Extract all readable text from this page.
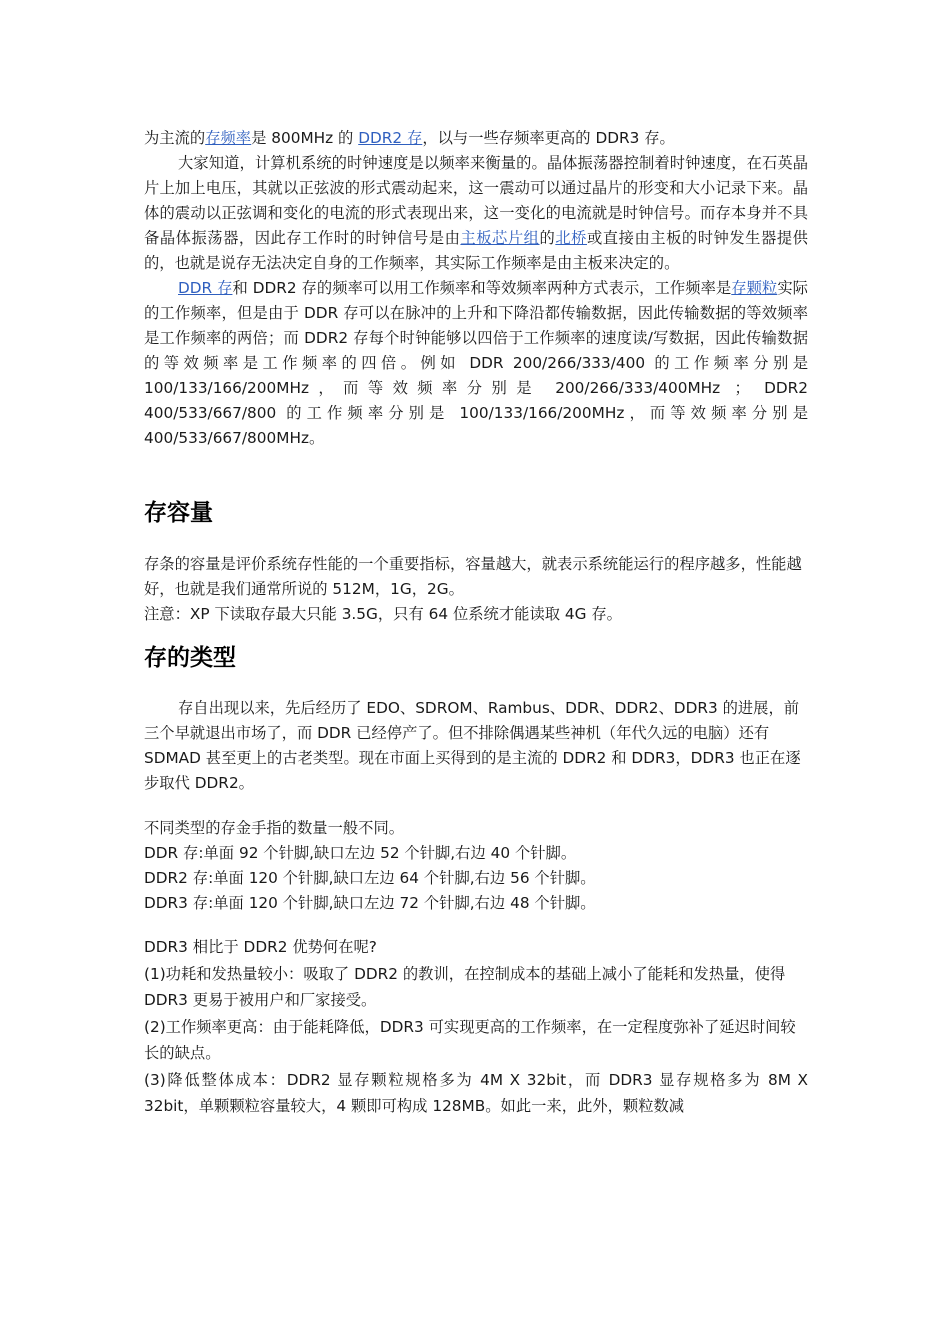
为主流的存频率是 800MHz 的 DDR2 存，以与一些存频率更高的 DDR3 存。

大家知道，计算机系统的时钟速度是以频率来衡量的。晶体振荡器控制着时钟速度，在石英晶片上加上电压，其就以正弦波的形式震动起来，这一震动可以通过晶片的形变和大小记录下来。晶体的震动以正弦调和变化的电流的形式表现出来，这一变化的电流就是时钟信号。而存本身并不具备晶体振荡器，因此存工作时的时钟信号是由主板芯片组的北桥或直接由主板的时钟发生器提供的，也就是说存无法决定自身的工作频率，其实际工作频率是由主板来决定的。

DDR 存和 DDR2 存的频率可以用工作频率和等效频率两种方式表示，工作频率是存颗粒实际的工作频率，但是由于 DDR 存可以在脉冲的上升和下降沿都传输数据，因此传输数据的等效频率是工作频率的两倍；而 DDR2 存每个时钟能够以四倍于工作频率的速度读/写数据，因此传输数据的等效频率是工作频率的四倍。例如 DDR 200/266/333/400 的工作频率分别是 100/133/166/200MHz，而等效频率分别是 200/266/333/400MHz ； DDR2 400/533/667/800 的工作频率分别是 100/133/166/200MHz，而等效频率分别是 400/533/667/800MHz。

存容量

存条的容量是评价系统存性能的一个重要指标，容量越大，就表示系统能运行的程序越多，性能越好，也就是我们通常所说的 512M，1G，2G。

注意：XP 下读取存最大只能 3.5G，只有 64 位系统才能读取 4G 存。

存的类型

存自出现以来，先后经历了 EDO、SDROM、Rambus、DDR、DDR2、DDR3 的进展，前三个早就退出市场了，而 DDR 已经停产了。但不排除偶遇某些神机（年代久远的电脑）还有 SDMAD 甚至更上的古老类型。现在市面上买得到的是主流的 DDR2 和 DDR3，DDR3 也正在逐步取代 DDR2。

不同类型的存金手指的数量一般不同。

DDR 存:单面 92 个针脚,缺口左边 52 个针脚,右边 40 个针脚。

DDR2 存:单面 120 个针脚,缺口左边 64 个针脚,右边 56 个针脚。

DDR3 存:单面 120 个针脚,缺口左边 72 个针脚,右边 48 个针脚。

DDR3 相比于 DDR2 优势何在呢?

(1)功耗和发热量较小：吸取了 DDR2 的教训，在控制成本的基础上减小了能耗和发热量，使得 DDR3 更易于被用户和厂家接受。

(2)工作频率更高：由于能耗降低，DDR3 可实现更高的工作频率，在一定程度弥补了延迟时间较长的缺点。

(3)降低整体成本：DDR2 显存颗粒规格多为 4M X 32bit，而 DDR3 显存规格多为 8M X 32bit，单颗颗粒容量较大，4 颗即可构成 128MB。如此一来，此外，颗粒数减
